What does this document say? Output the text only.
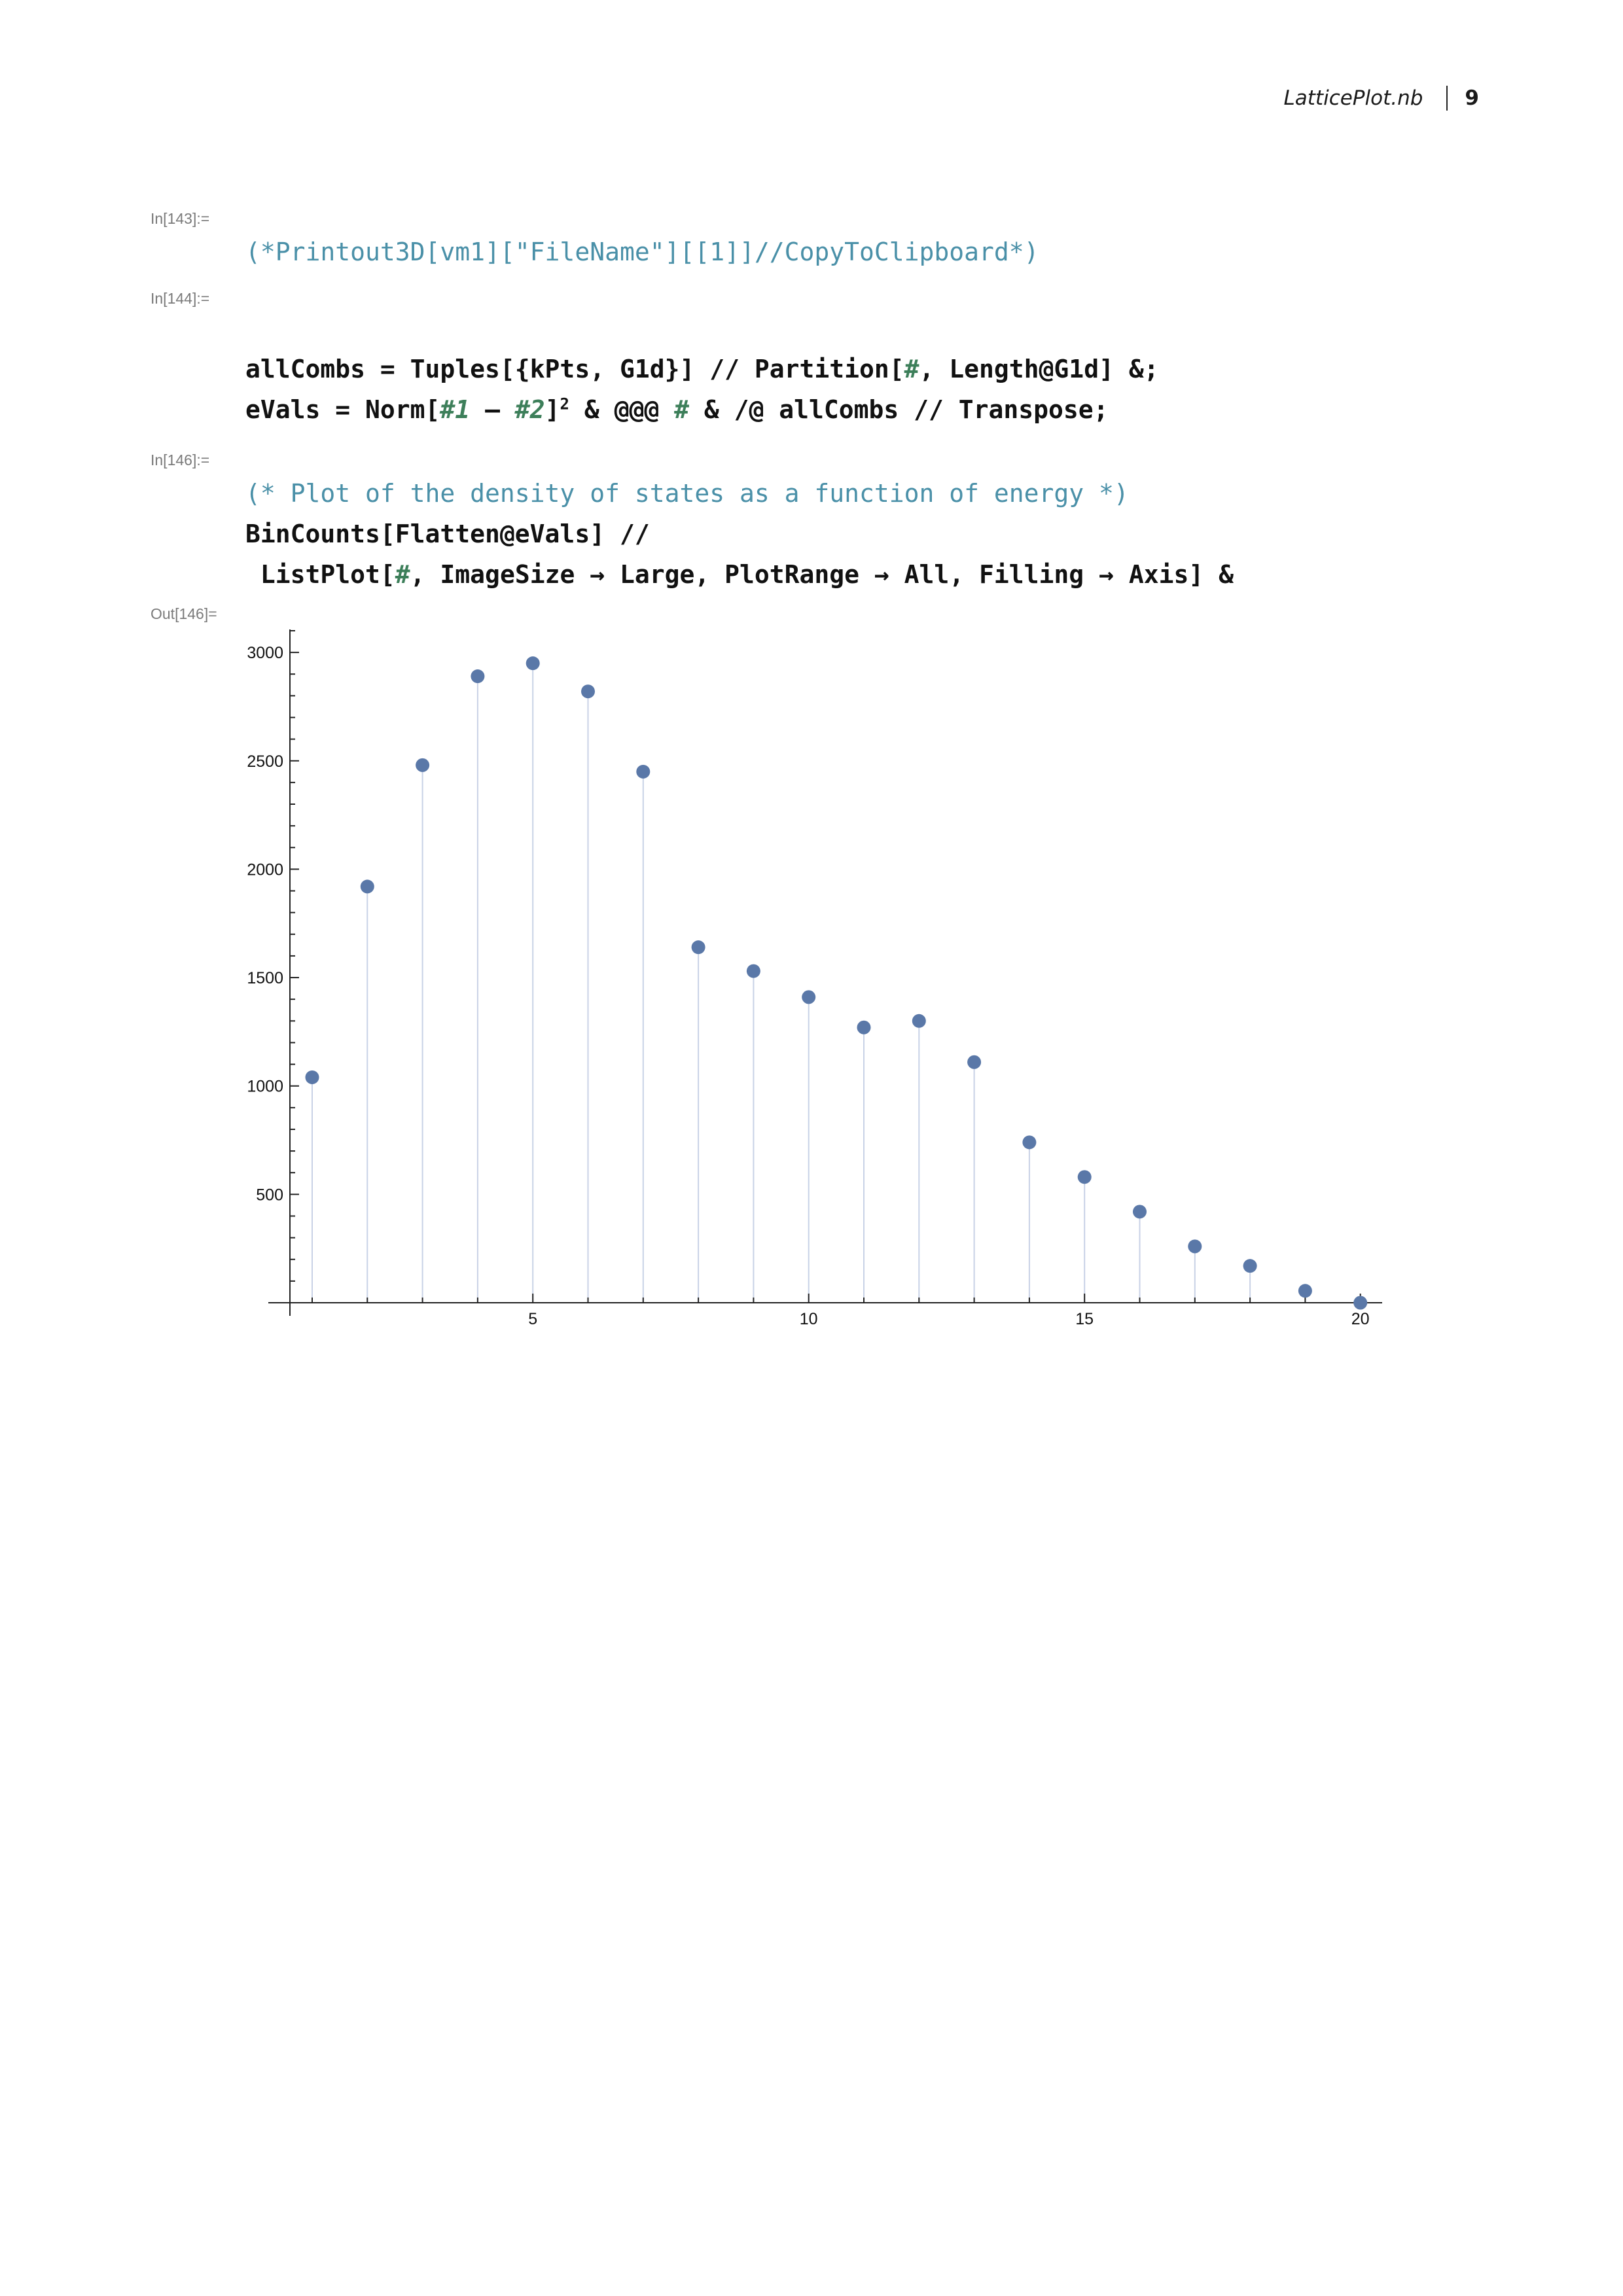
LatticePlot.nb 9
In[143]:=
(*Printout3D[vm1]["FileName"][[1]]//CopyToClipboard*)
In[144]:=
allCombs = Tuples[{kPts, G1d}] // Partition[#, Length@G1d] &;
eVals = Norm[#1 – #2]$^2$ & @@@ # & /@ allCombs // Transpose;
In[146]:=
(* Plot of the density of states as a function of energy *)
BinCounts[Flatten@eVals] //
ListPlot[#, ImageSize → Large, PlotRange → All, Filling → Axis] &
Out[146]=
500
1000
1500
2000
2500
3000
5	10	15	20
